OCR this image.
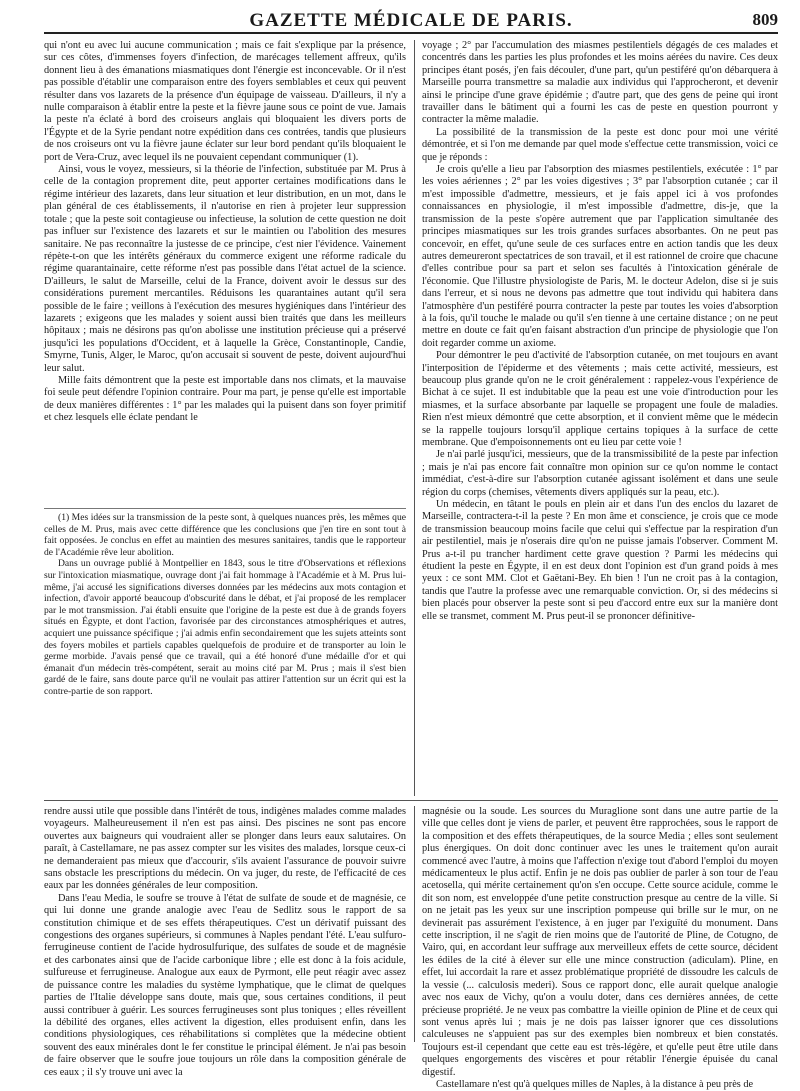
GAZETTE MÉDICALE DE PARIS.	809

qui n'ont eu avec lui aucune communication ; mais ce fait s'explique par la présence, sur ces côtes, d'immenses foyers d'infection, de marécages tellement affreux, qu'ils donnent lieu à des émanations miasmatiques dont l'énergie est inconcevable. Or il n'est pas possible d'établir une comparaison entre des foyers semblables et ceux qui peuvent résulter dans vos lazarets de la présence d'un équipage de vaisseau. D'ailleurs, il n'y a nulle comparaison à établir entre la peste et la fièvre jaune sous ce point de vue. Jamais la peste n'a éclaté à bord des croiseurs anglais qui bloquaient les divers ports de l'Égypte et de la Syrie pendant notre expédition dans ces contrées, tandis que plusieurs de nos croiseurs ont vu la fièvre jaune éclater sur leur bord pendant qu'ils bloquaient le port de Vera-Cruz, avec lequel ils ne pouvaient cependant communiquer (1).

Ainsi, vous le voyez, messieurs, si la théorie de l'infection, substituée par M. Prus à celle de la contagion proprement dite, peut apporter certaines modifications dans le régime intérieur des lazarets, dans leur situation et leur distribution, en un mot, dans le plan général de ces établissements, il n'autorise en rien à projeter leur suppression totale ; que la peste soit contagieuse ou infectieuse, la solution de cette question ne doit pas influer sur l'existence des lazarets et sur le maintien ou l'abolition des mesures sanitaire. Ne pas reconnaître la justesse de ce principe, c'est nier l'évidence. Vainement répète-t-on que les intérêts généraux du commerce exigent une réforme radicale du régime quarantainaire, cette réforme n'est pas possible dans l'état actuel de la science. D'ailleurs, le salut de Marseille, celui de la France, doivent avoir le dessus sur des considérations purement mercantiles. Réduisons les quarantaines autant qu'il sera possible de le faire ; veillons à l'exécution des mesures hygiéniques dans l'intérieur des lazarets ; exigeons que les malades y soient aussi bien traités que dans les meilleurs hôpitaux ; mais ne désirons pas qu'on abolisse une institution précieuse qui a préservé jusqu'ici les populations d'Occident, et à laquelle la Grèce, Constantinople, Candie, Smyrne, Tunis, Alger, le Maroc, qu'on accusait si souvent de peste, doivent aujourd'hui leur salut.

Mille faits démontrent que la peste est importable dans nos climats, et la mauvaise foi seule peut défendre l'opinion contraire. Pour ma part, je pense qu'elle est importable de deux manières différentes : 1° par les malades qui la puisent dans son foyer primitif et chez lesquels elle éclate pendant le

(1) Mes idées sur la transmission de la peste sont, à quelques nuances près, les mêmes que celles de M. Prus, mais avec cette différence que les conclusions que j'en tire en sont tout à fait opposées. Je conclus en effet au maintien des mesures sanitaires, tandis que le rapporteur de l'Académie rêve leur abolition.

Dans un ouvrage publié à Montpellier en 1843, sous le titre d'Observations et réflexions sur l'intoxication miasmatique, ouvrage dont j'ai fait hommage à l'Académie et à M. Prus lui-même, j'ai accusé les significations diverses données par les médecins aux mots contagion et infection, d'avoir apporté beaucoup d'obscurité dans le débat, et j'ai proposé de les remplacer par le mot transmission. J'ai établi ensuite que l'origine de la peste est due à de grands foyers situés en Égypte, et dont l'action, favorisée par des circonstances atmosphériques et autres, acquiert une puissance spécifique ; j'ai admis enfin secondairement que les sujets atteints sont des foyers mobiles et partiels capables quelquefois de produire et de transporter au loin le germe morbide. J'avais pensé que ce travail, qui a été honoré d'une médaille d'or et qui émanait d'un médecin très-compétent, serait au moins cité par M. Prus ; mais il s'est bien gardé de le faire, sans doute parce qu'il ne voulait pas attirer l'attention sur un écrit qui est la contre-partie de son rapport.

voyage ; 2° par l'accumulation des miasmes pestilentiels dégagés de ces malades et concentrés dans les parties les plus profondes et les moins aérées du navire. Ces deux principes étant posés, j'en fais découler, d'une part, qu'un pestiféré qu'on débarquera à Marseille pourra transmettre sa maladie aux individus qui l'approcheront, et devenir ainsi le principe d'une grave épidémie ; d'autre part, que des gens de peine qui iront travailler dans le bâtiment qui a fourni les cas de peste en question pourront y contracter la même maladie.

La possibilité de la transmission de la peste est donc pour moi une vérité démontrée, et si l'on me demande par quel mode s'effectue cette transmission, voici ce que je réponds :

Je crois qu'elle a lieu par l'absorption des miasmes pestilentiels, exécutée : 1° par les voies aériennes ; 2° par les voies digestives ; 3° par l'absorption cutanée ; car il m'est impossible d'admettre, messieurs, et je fais appel ici à vos profondes connaissances en physiologie, il m'est impossible d'admettre, dis-je, que la transmission de la peste s'opère autrement que par l'application simultanée des principes miasmatiques sur les trois grandes surfaces absorbantes. On ne peut pas concevoir, en effet, qu'une seule de ces surfaces entre en action tandis que les deux autres demeureront spectatrices de son travail, et il est rationnel de croire que chacune d'elles contribue pour sa part et selon ses facultés à l'intoxication générale de l'économie. Que l'illustre physiologiste de Paris, M. le docteur Adelon, dise si je suis dans l'erreur, et si nous ne devons pas admettre que tout individu qui habitera dans l'atmosphère d'un pestiféré pourra contracter la peste par toutes les voies d'absorption à la fois, qu'il touche le malade ou qu'il s'en tienne à une certaine distance ; on ne peut mettre en doute ce fait qu'en faisant abstraction d'un principe de physiologie que l'on doit regarder comme un axiome.

Pour démontrer le peu d'activité de l'absorption cutanée, on met toujours en avant l'interposition de l'épiderme et des vêtements ; mais cette activité, messieurs, est beaucoup plus grande qu'on ne le croit généralement : rappelez-vous l'expérience de Bichat à ce sujet. Il est indubitable que la peau est une voie d'introduction pour les miasmes, et la surface absorbante par laquelle se propagent une foule de maladies. Rien n'est mieux démontré que cette absorption, et il convient même que le médecin se la rappelle toujours lorsqu'il applique certains topiques à la surface de cette membrane. Que d'empoisonnements ont eu lieu par cette voie !

Je n'ai parlé jusqu'ici, messieurs, que de la transmissibilité de la peste par infection ; mais je n'ai pas encore fait connaître mon opinion sur ce qu'on nomme le contact immédiat, c'est-à-dire sur l'absorption cutanée agissant isolément et dans une seule région du corps (chemises, vêtements divers appliqués sur la peau, etc.).

Un médecin, en tâtant le pouls en plein air et dans l'un des enclos du lazaret de Marseille, contractera-t-il la peste ? En mon âme et conscience, je crois que ce mode de transmission beaucoup moins facile que celui qui s'effectue par la respiration d'un air pestilentiel, mais je n'oserais dire qu'on ne puisse jamais l'observer. Comment M. Prus a-t-il pu trancher hardiment cette grave question ? Parmi les médecins qui étudient la peste en Égypte, il en est deux dont l'opinion est d'un grand poids à mes yeux : ce sont MM. Clot et Gaëtani-Bey. Eh bien ! l'un ne croit pas à la contagion, tandis que l'autre la professe avec une remarquable conviction. Or, si des médecins si bien placés pour observer la peste sont si peu d'accord entre eux sur la manière dont elle se transmet, comment M. Prus peut-il se prononcer définitive-

rendre aussi utile que possible dans l'intérêt de tous, indigènes malades comme malades voyageurs. Malheureusement il n'en est pas ainsi. Des piscines ne sont pas encore ouvertes aux baigneurs qui voudraient aller se plonger dans leurs eaux salutaires. On paraît, à Castellamare, ne pas assez compter sur les visites des malades, lorsque ceux-ci ne demanderaient pas mieux que d'accourir, s'ils avaient l'assurance de pouvoir suivre sans obstacle les prescriptions du médecin. On va juger, du reste, de l'efficacité de ces eaux par les données générales de leur composition.

Dans l'eau Media, le soufre se trouve à l'état de sulfate de soude et de magnésie, ce qui lui donne une grande analogie avec l'eau de Sedlitz sous le rapport de sa constitution chimique et de ses effets thérapeutiques. C'est un dérivatif puissant des congestions des organes supérieurs, si communes à Naples pendant l'été. L'eau sulfuro-ferrugineuse contient de l'acide hydrosulfurique, des sulfates de soude et de magnésie et des carbonates ainsi que de l'acide carbonique libre ; elle est donc à la fois acidule, sulfureuse et ferrugineuse. Analogue aux eaux de Pyrmont, elle peut réagir avec assez de puissance contre les maladies du système lymphatique, que le climat de quelques parties de l'Italie développe sans doute, mais que, sous certaines conditions, il peut aussi contribuer à guérir. Les sources ferrugineuses sont plus toniques ; elles réveillent la débilité des organes, elles activent la digestion, elles produisent enfin, dans les conditions physiologiques, ces réhabilitations si complètes que la médecine obtient souvent des eaux minérales dont le fer constitue le principal élément. Je n'ai pas besoin de faire observer que le soufre joue toujours un rôle dans la composition générale de ces eaux ; il s'y trouve uni avec la

magnésie ou la soude. Les sources du Muraglione sont dans une autre partie de la ville que celles dont je viens de parler, et peuvent être rapprochées, sous le rapport de la composition et des effets thérapeutiques, de la source Media ; elles sont seulement plus énergiques. On doit donc continuer avec les unes le traitement qu'on aurait commencé avec l'autre, à moins que l'affection n'exige tout d'abord l'emploi du moyen médicamenteux le plus actif. Enfin je ne dois pas oublier de parler à son tour de l'eau acetosella, qui mérite certainement qu'on s'en occupe. Cette source acidule, comme le dit son nom, est enveloppée d'une petite construction presque au centre de la ville. Si on ne jetait pas les yeux sur une inscription pompeuse qui brille sur le mur, on ne devinerait pas assurément l'existence, à en juger par l'exiguïté du monument. Dans cette inscription, il ne s'agit de rien moins que de l'autorité de Pline, de Cotugno, de Vairo, qui, en accordant leur suffrage aux merveilleux effets de cette source, décident les édiles de la cité à élever sur elle une mince construction (adiculam). Pline, en effet, lui accordait la rare et assez problématique propriété de dissoudre les calculs de la vessie (... calculosis mederi). Sous ce rapport donc, elle aurait quelque analogie avec nos eaux de Vichy, qu'on a voulu doter, dans ces dernières années, de cette précieuse propriété. Je ne veux pas combattre la vieille opinion de Pline et de ceux qui sont venus après lui ; mais je ne dois pas laisser ignorer que ces dissolutions calculeuses ne s'appuient pas sur des exemples bien nombreux et bien constatés. Toujours est-il cependant que cette eau est très-légère, et qu'elle peut être utile dans quelques engorgements des viscères et pour rétablir l'énergie épuisée du canal digestif.

Castellamare n'est qu'à quelques milles de Naples, à la distance à peu près de
